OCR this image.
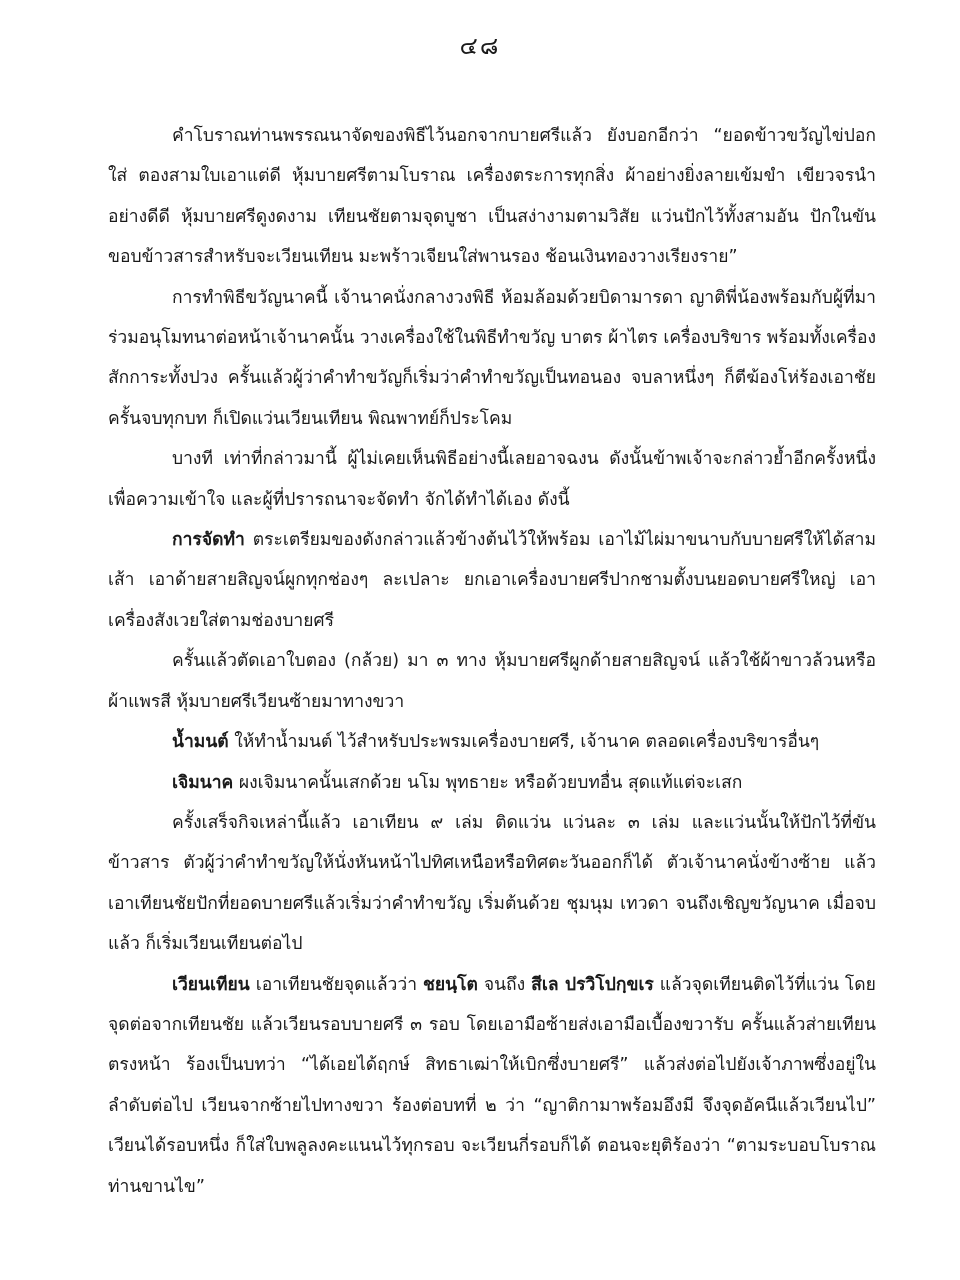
๔๘

คำโบราณท่านพรรณนาจัดของพิธีไว้นอกจากบายศรีแล้ว ยังบอกอีกว่า “ยอดข้าวขวัญไข่ปอกใส่ ตองสามใบเอาแต่ดี หุ้มบายศรีตามโบราณ เครื่องตระการทุกสิ่ง ผ้าอย่างยิ่งลายเข้มขำ เขียวจรนำอย่างดีดี หุ้มบายศรีดูงดงาม เทียนชัยตามจุดบูชา เป็นสง่างามตามวิสัย แว่นปักไว้ทั้งสามอัน ปักในขันขอบข้าวสารสำหรับจะเวียนเทียน มะพร้าวเจียนใส่พานรอง ช้อนเงินทองวางเรียงราย”

การทำพิธีขวัญนาคนี้ เจ้านาคนั่งกลางวงพิธี ห้อมล้อมด้วยบิดามารดา ญาติพี่น้องพร้อมกับผู้ที่มาร่วมอนุโมทนาต่อหน้าเจ้านาคนั้น วางเครื่องใช้ในพิธีทำขวัญ บาตร ผ้าไตร เครื่องบริขาร พร้อมทั้งเครื่องสักการะทั้งปวง ครั้นแล้วผู้ว่าคำทำขวัญก็เริ่มว่าคำทำขวัญเป็นทอนอง จบลาหนึ่งๆ ก็ตีฆ้องโห่ร้องเอาชัย ครั้นจบทุกบท ก็เปิดแว่นเวียนเทียน พิณพาทย์ก็ประโคม

บางที เท่าที่กล่าวมานี้ ผู้ไม่เคยเห็นพิธีอย่างนี้เลยอาจฉงน ดังนั้นข้าพเจ้าจะกล่าวย้ำอีกครั้งหนึ่ง เพื่อความเข้าใจ และผู้ที่ปรารถนาจะจัดทำ จักได้ทำได้เอง ดังนี้

การจัดทำ ตระเตรียมของดังกล่าวแล้วข้างต้นไว้ให้พร้อม เอาไม้ไผ่มาขนาบกับบายศรีให้ได้สามเส้า เอาด้ายสายสิญจน์ผูกทุกช่องๆ ละเปลาะ ยกเอาเครื่องบายศรีปากชามตั้งบนยอดบายศรีใหญ่ เอาเครื่องสังเวยใส่ตามช่องบายศรี

ครั้นแล้วตัดเอาใบตอง (กล้วย) มา ๓ ทาง หุ้มบายศรีผูกด้ายสายสิญจน์ แล้วใช้ผ้าขาวล้วนหรือผ้าแพรสี หุ้มบายศรีเวียนซ้ายมาทางขวา

น้ำมนต์ ให้ทำน้ำมนต์ ไว้สำหรับประพรมเครื่องบายศรี, เจ้านาค ตลอดเครื่องบริขารอื่นๆ

เจิมนาค ผงเจิมนาคนั้นเสกด้วย นโม พุทธายะ หรือด้วยบทอื่น สุดแท้แต่จะเสก

ครั้งเสร็จกิจเหล่านี้แล้ว เอาเทียน ๙ เล่ม ติดแว่น แว่นละ ๓ เล่ม และแว่นนั้นให้ปักไว้ที่ขันข้าวสาร ตัวผู้ว่าคำทำขวัญให้นั่งหันหน้าไปทิศเหนือหรือทิศตะวันออกก็ได้ ตัวเจ้านาคนั่งข้างซ้าย แล้วเอาเทียนชัยปักที่ยอดบายศรีแล้วเริ่มว่าคำทำขวัญ เริ่มต้นด้วย ชุมนุม เทวดา จนถึงเชิญขวัญนาค เมื่อจบแล้ว ก็เริ่มเวียนเทียนต่อไป

เวียนเทียน เอาเทียนชัยจุดแล้วว่า ชยนฺโต จนถึง สีเล ปรวิโปกฺขเร แล้วจุดเทียนติดไว้ที่แว่น โดยจุดต่อจากเทียนชัย แล้วเวียนรอบบายศรี ๓ รอบ โดยเอามือซ้ายส่งเอามือเบื้องขวารับ ครั้นแล้วส่ายเทียนตรงหน้า ร้องเป็นบทว่า “ได้เอยได้ฤกษ์ สิทธาเฒ่าให้เบิกซึ่งบายศรี” แล้วส่งต่อไปยังเจ้าภาพซึ่งอยู่ในลำดับต่อไป เวียนจากซ้ายไปทางขวา ร้องต่อบทที่ ๒ ว่า “ญาติกามาพร้อมอึงมี จึงจุดอัคนีแล้วเวียนไป” เวียนได้รอบหนึ่ง ก็ใส่ใบพลูลงคะแนนไว้ทุกรอบ จะเวียนกี่รอบก็ได้ ตอนจะยุติร้องว่า “ตามระบอบโบราณท่านขานไข”
